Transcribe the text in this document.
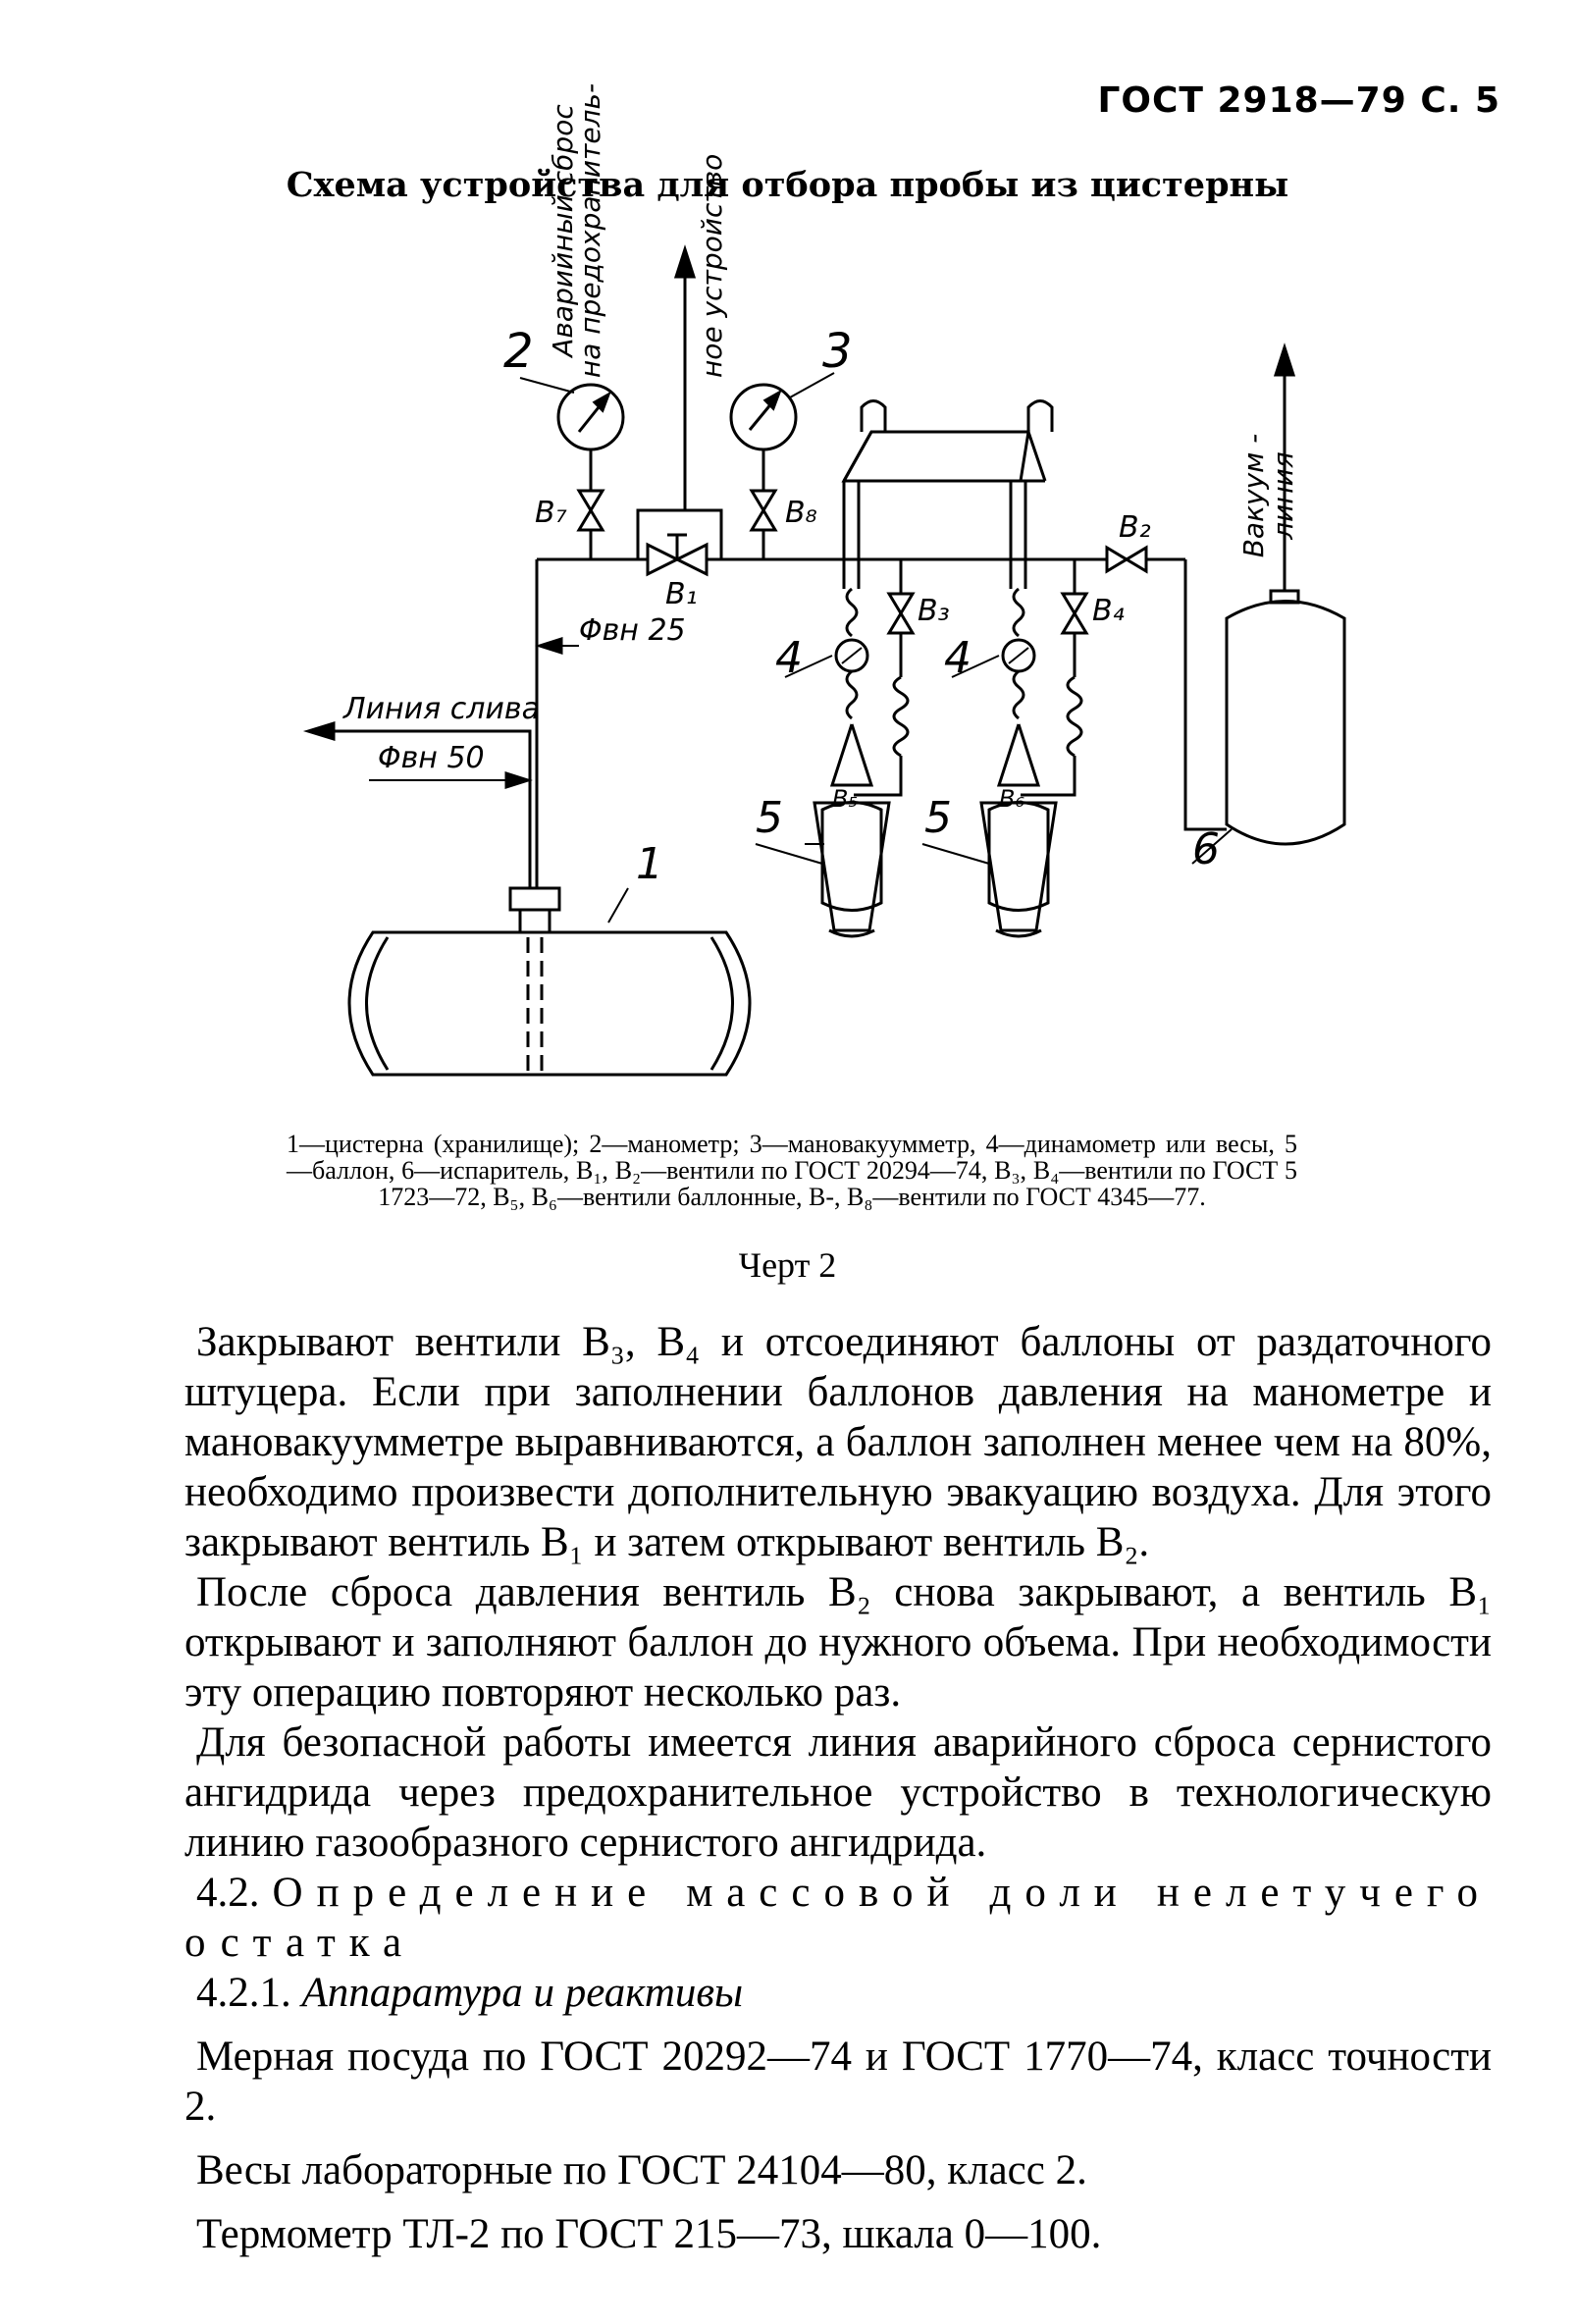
ГОСТ 2918—79 С. 5
Схема устройства для отбора пробы из цистерны
2	3
В₇	В₈
В₁
В₂
В₃	В₄
В₅	В₆
4	4
5	5
6
1
Φвн 25
Φвн 50
Линия слива
Аварийный сброс
на предохранитель-	ное устройство
Вакуум -
линия
1—цистерна (хранилище); 2—манометр; 3—мановакуумметр, 4—динамометр или весы, 5—баллон, 6—испаритель, В₁, В₂—вентили по ГОСТ 20294—74, В₃, В₄—вентили по ГОСТ 5 1723—72, В₅, В₆—вентили баллонные, В-, В₈—вентили по ГОСТ 4345—77.
Черт 2

Закрывают вентили В₃, В₄ и отсоединяют баллоны от раздаточного штуцера. Если при заполнении баллонов давления на манометре и мановакуумметре выравниваются, а баллон заполнен менее чем на 80%, необходимо произвести дополнительную эвакуацию воздуха. Для этого закрывают вентиль В₁ и затем открывают вентиль В₂.

После сброса давления вентиль В₂ снова закрывают, а вентиль В₁ открывают и заполняют баллон до нужного объема. При необходимости эту операцию повторяют несколько раз.

Для безопасной работы имеется линия аварийного сброса сернистого ангидрида через предохранительное устройство в технологическую линию газообразного сернистого ангидрида.

4.2. Определение массовой доли нелетучего остатка

4.2.1. Аппаратура и реактивы

Мерная посуда по ГОСТ 20292—74 и ГОСТ 1770—74, класс точности 2.

Весы лабораторные по ГОСТ 24104—80, класс 2.

Термометр ТЛ-2 по ГОСТ 215—73, шкала 0—100.
